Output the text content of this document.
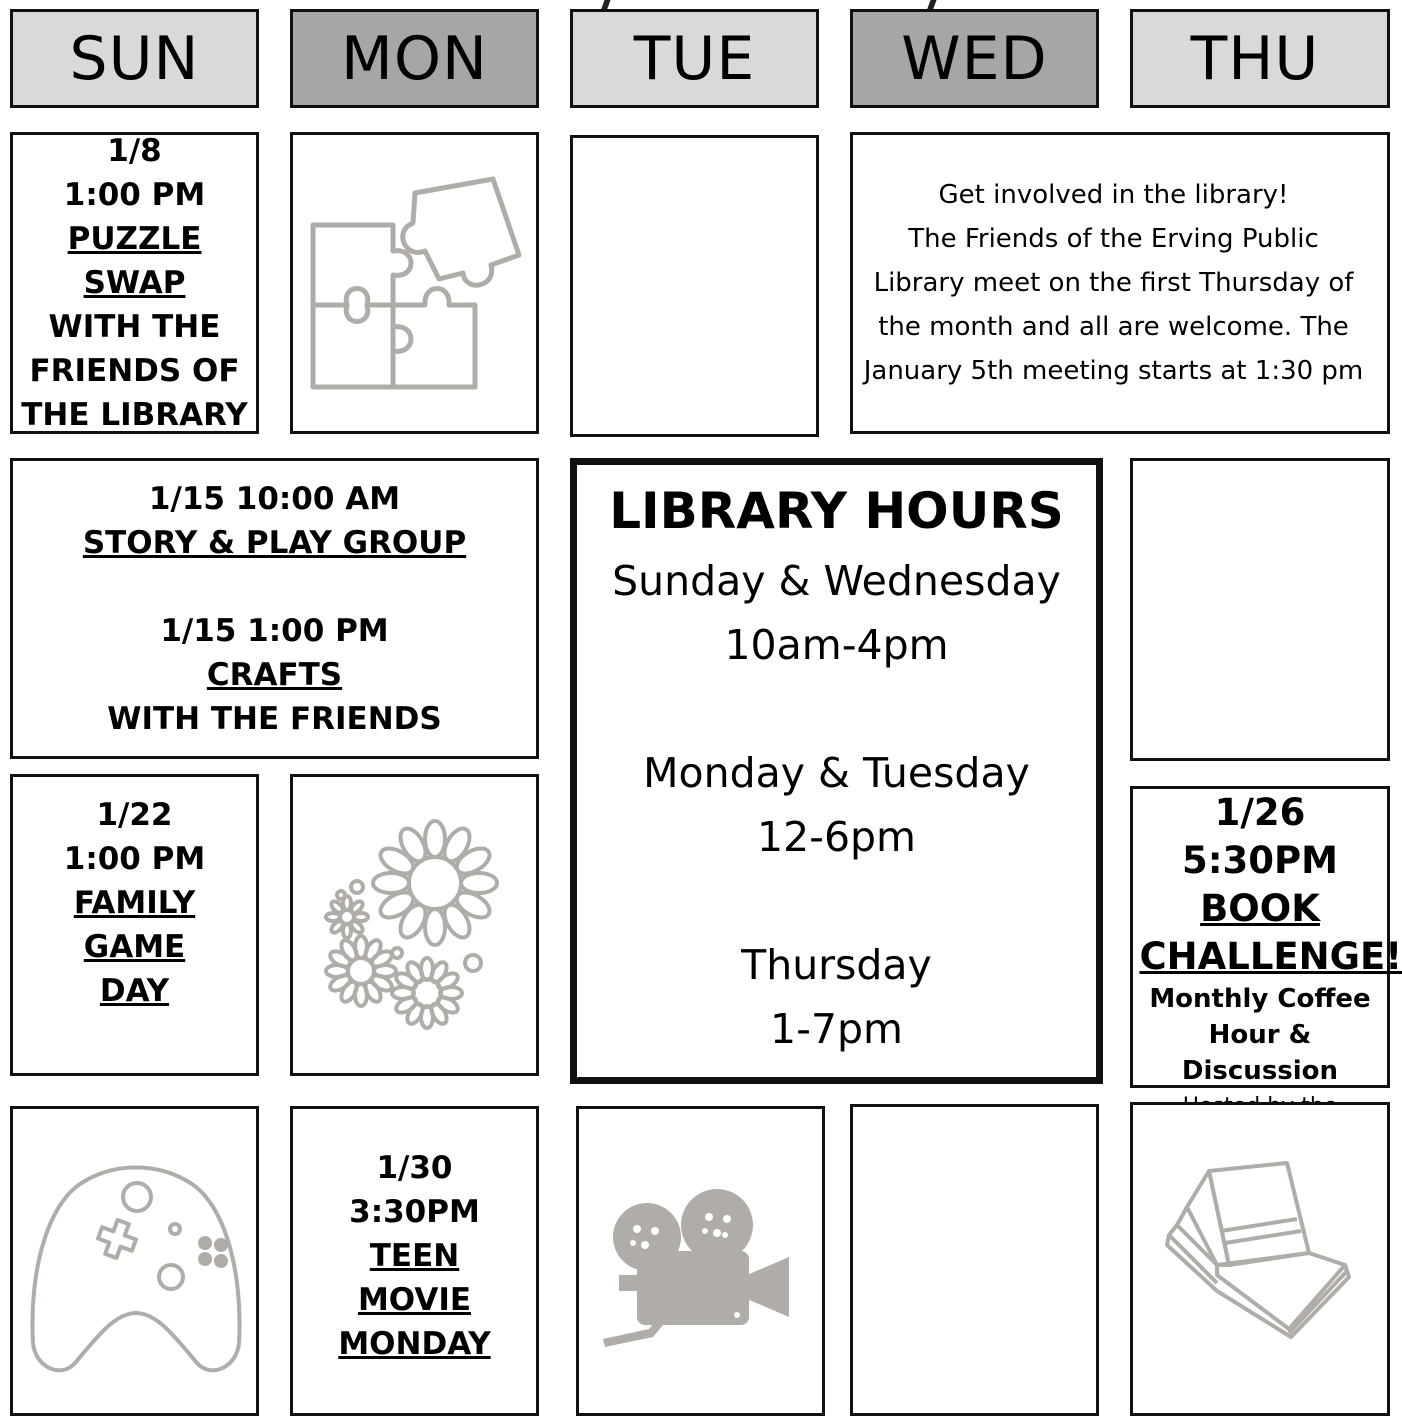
SUN MON TUE WED THU
1/8
1:00 PM
PUZZLE SWAP
WITH THE
FRIENDS OF
THE LIBRARY
Get involved in the library!
The Friends of the Erving Public
Library meet on the first Thursday of
the month and all are welcome. The
January 5th meeting starts at 1:30 pm
1/15 10:00 AM
STORY & PLAY GROUP
1/15 1:00 PM
CRAFTS
WITH THE FRIENDS
LIBRARY HOURS
Sunday & Wednesday
10am-4pm
Monday & Tuesday
12-6pm
Thursday
1-7pm
1/22
1:00 PM
FAMILY
GAME
DAY
1/26 5:30PM
BOOK
CHALLENGE!
Monthly Coffee
Hour & Discussion
1/30
3:30PM
TEEN
MOVIE
MONDAY
